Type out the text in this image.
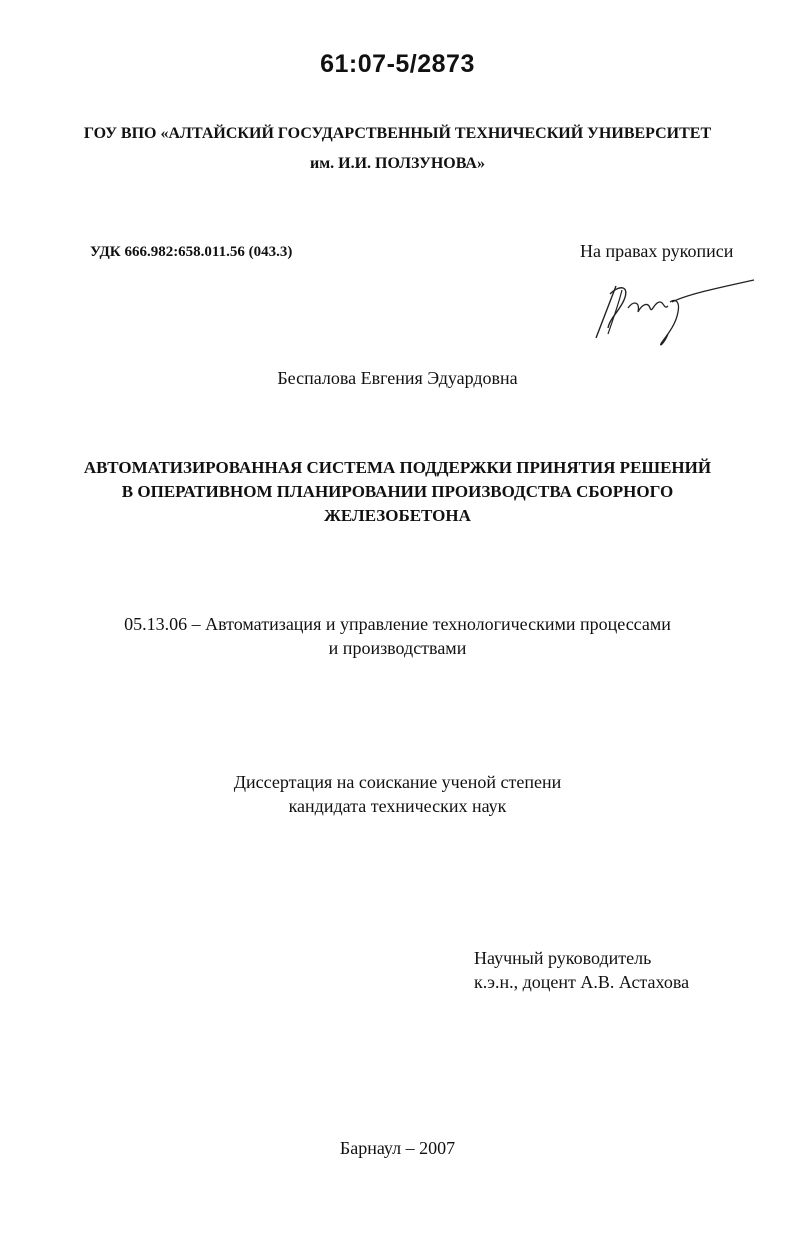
61:07-5/2873
ГОУ ВПО «АЛТАЙСКИЙ ГОСУДАРСТВЕННЫЙ ТЕХНИЧЕСКИЙ УНИВЕРСИТЕТ
им. И.И. ПОЛЗУНОВА»
УДК 666.982:658.011.56 (043.3)	На правах рукописи
Беспалова Евгения Эдуардовна
АВТОМАТИЗИРОВАННАЯ СИСТЕМА ПОДДЕРЖКИ ПРИНЯТИЯ РЕШЕНИЙ
В ОПЕРАТИВНОМ ПЛАНИРОВАНИИ ПРОИЗВОДСТВА СБОРНОГО
ЖЕЛЕЗОБЕТОНА
05.13.06 – Автоматизация и управление технологическими процессами
и производствами
Диссертация на соискание ученой степени
кандидата технических наук
Научный руководитель
к.э.н., доцент А.В. Астахова
Барнаул – 2007
